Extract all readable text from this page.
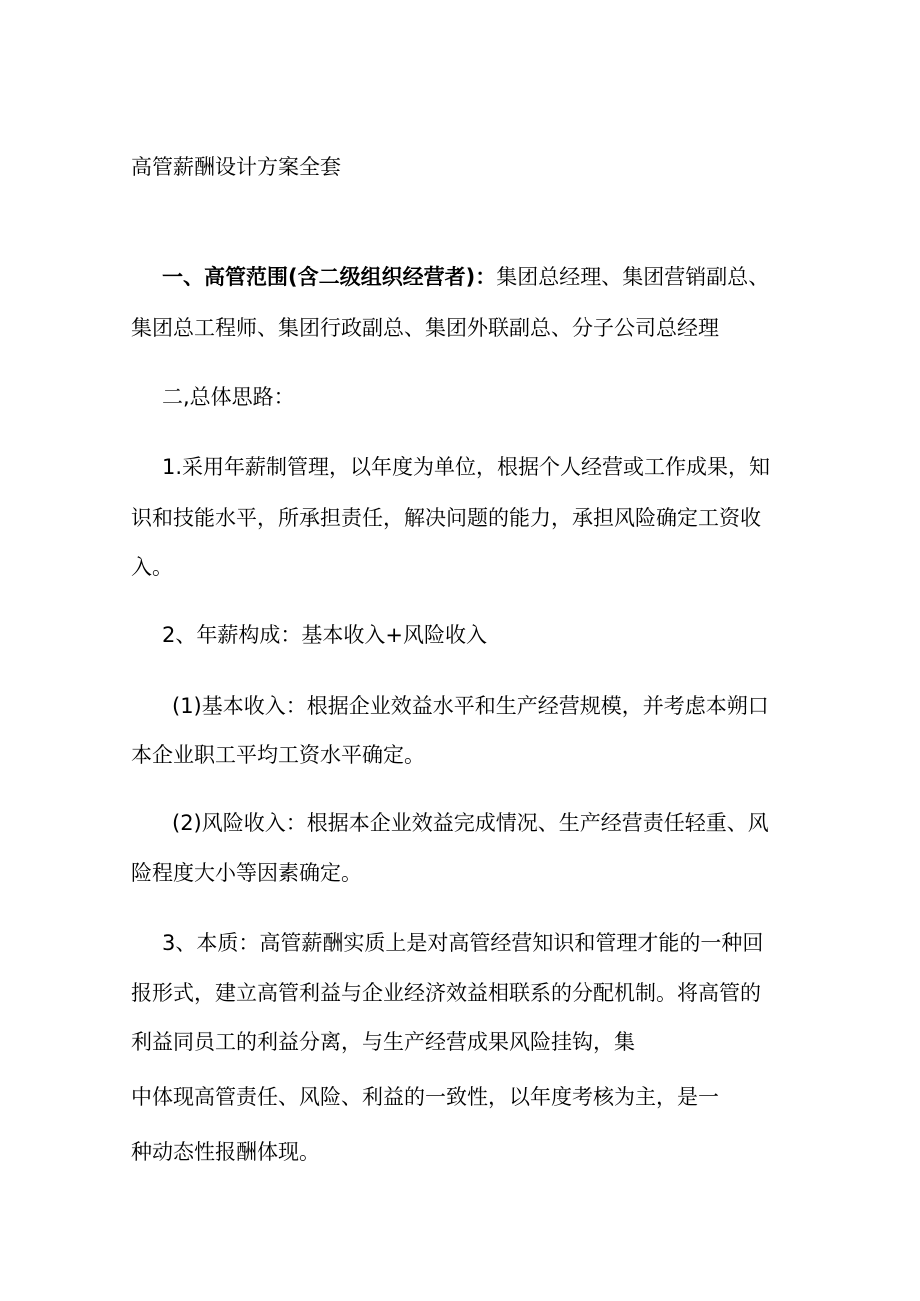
高管薪酬设计方案全套
一、高管范围(含二级组织经营者)：集团总经理、集团营销副总、
集团总工程师、集团行政副总、集团外联副总、分子公司总经理
二,总体思路：
1.采用年薪制管理，以年度为单位，根据个人经营或工作成果，知
识和技能水平，所承担责任，解决问题的能力，承担风险确定工资收
入。
2、年薪构成：基本收入+风险收入
(1)基本收入：根据企业效益水平和生产经营规模，并考虑本朔口
本企业职工平均工资水平确定。
(2)风险收入：根据本企业效益完成情况、生产经营责任轻重、风
险程度大小等因素确定。
3、本质：高管薪酬实质上是对高管经营知识和管理才能的一种回
报形式，建立高管利益与企业经济效益相联系的分配机制。将高管的
利益同员工的利益分离，与生产经营成果风险挂钩，集
中体现高管责任、风险、利益的一致性，以年度考核为主，是一
种动态性报酬体现。
